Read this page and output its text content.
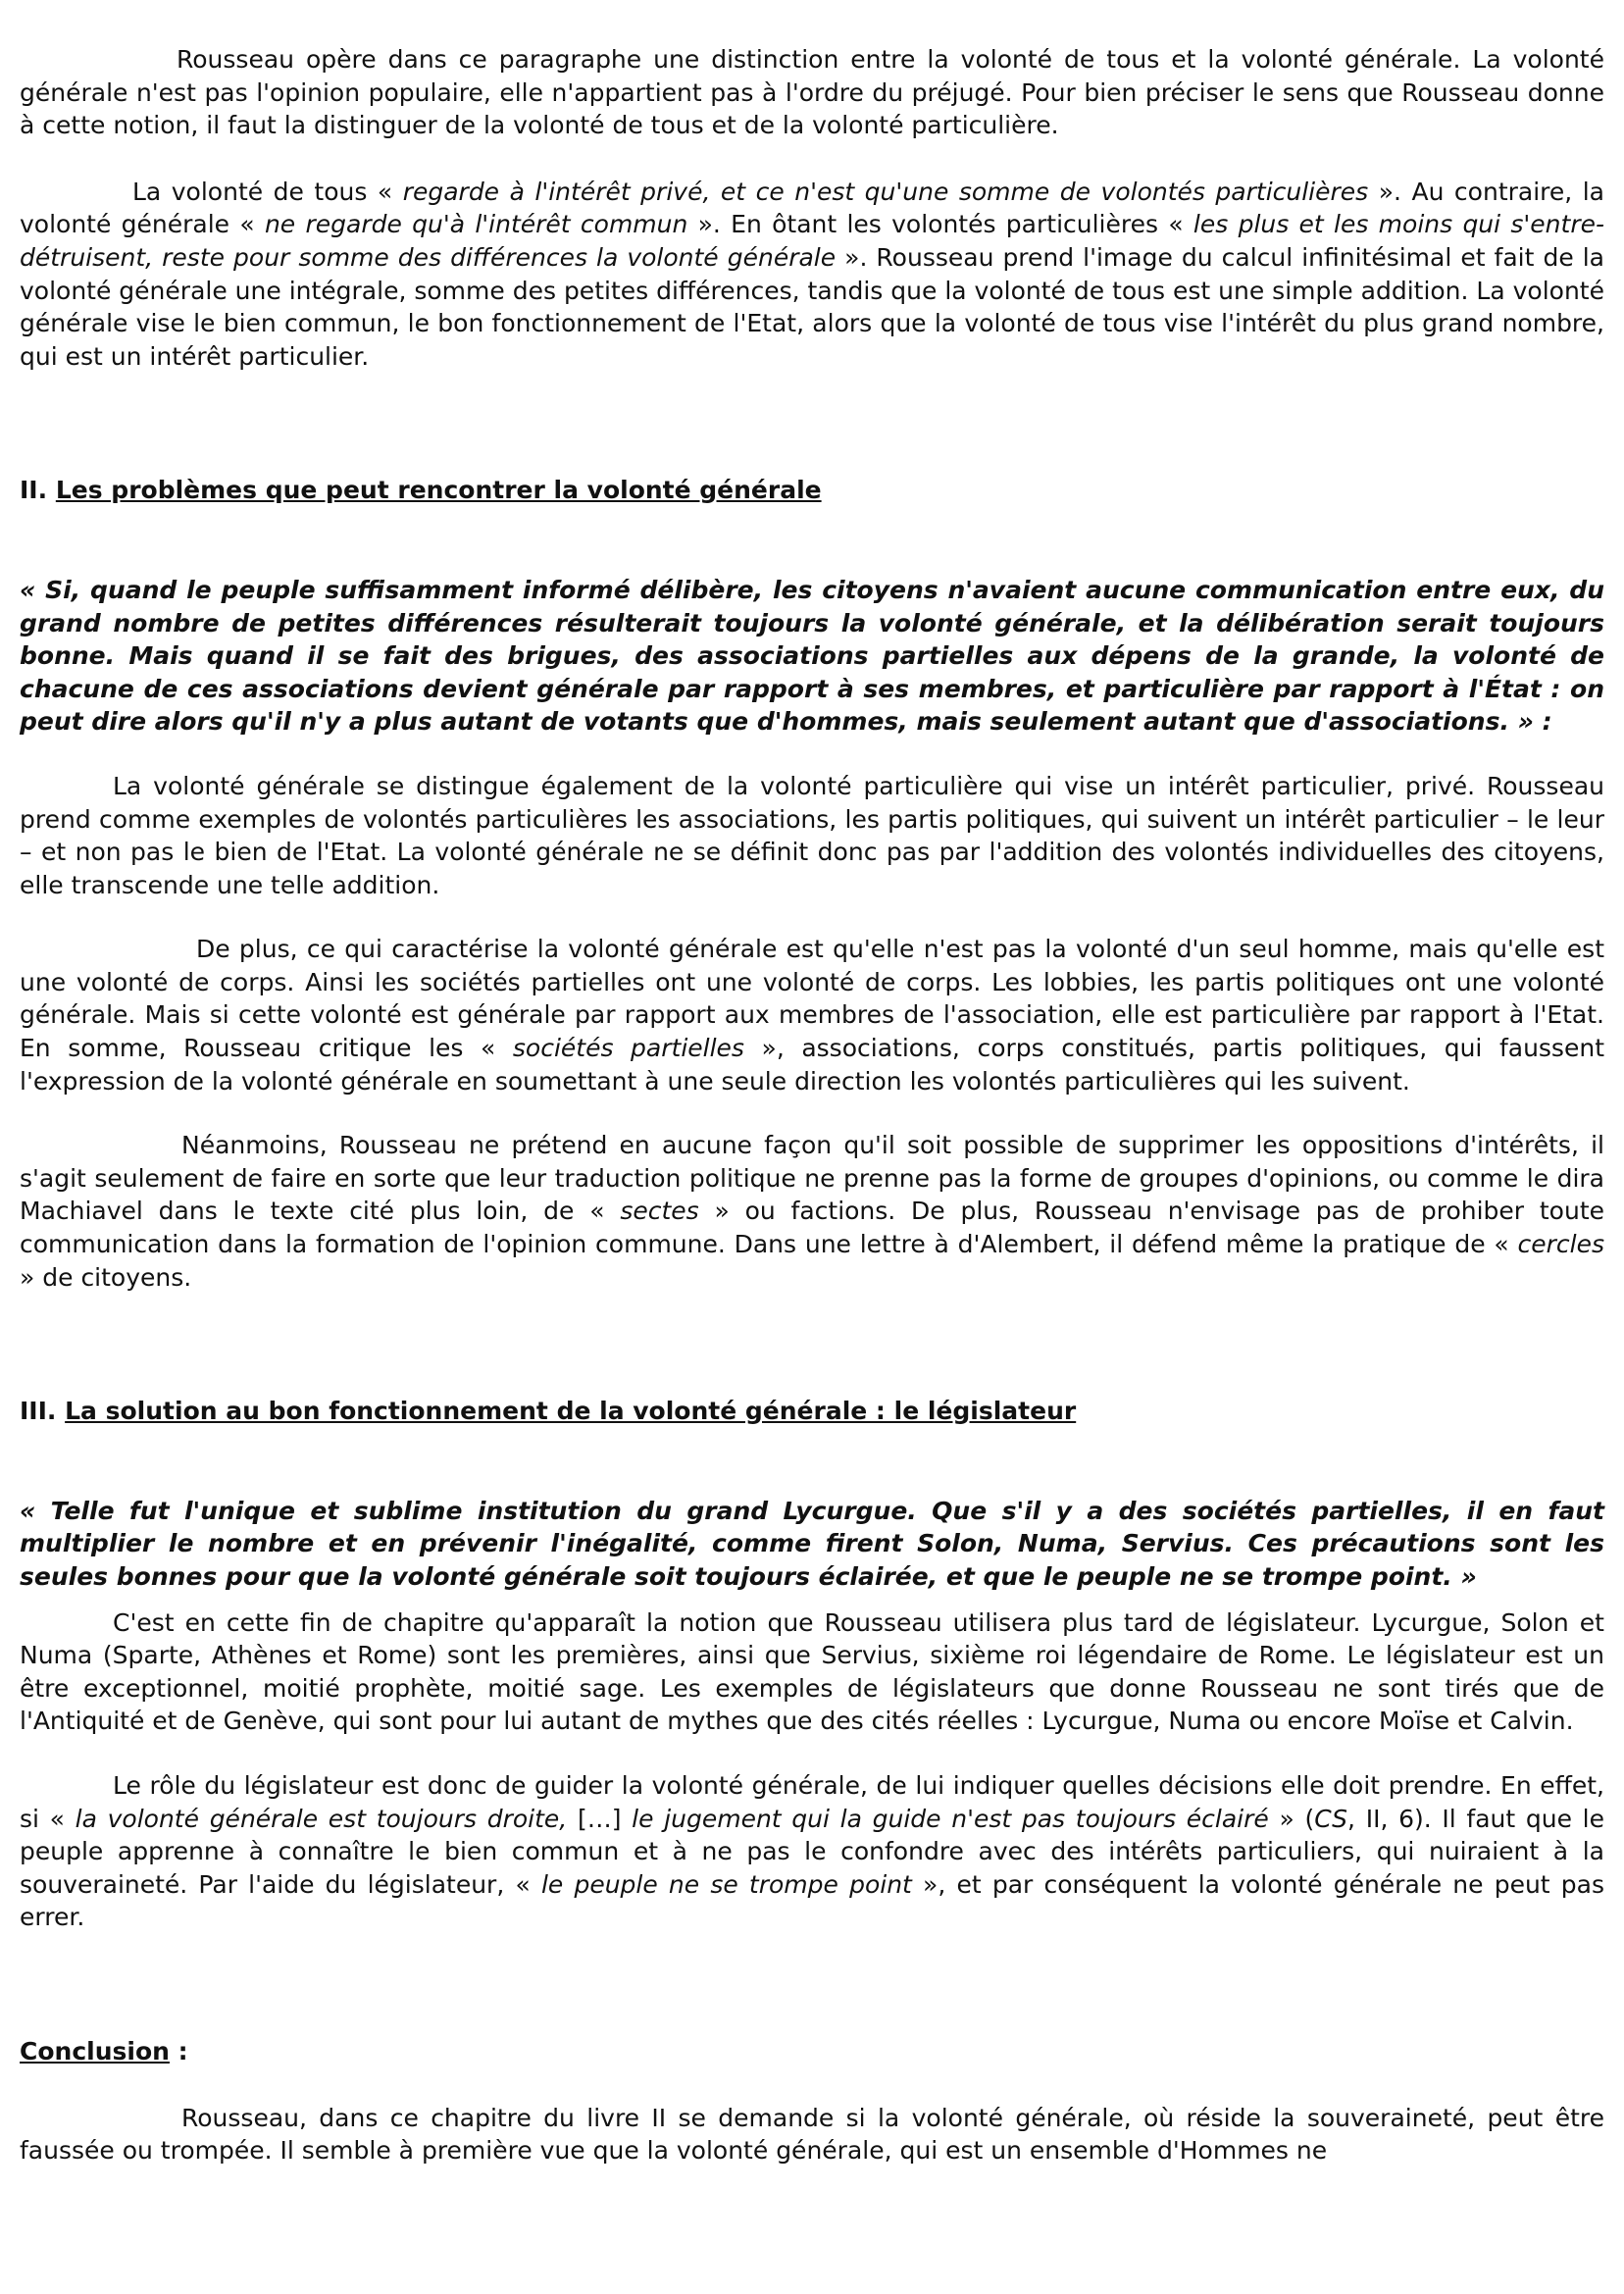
Rousseau opère dans ce paragraphe une distinction entre la volonté de tous et la volonté générale. La volonté générale n'est pas l'opinion populaire, elle n'appartient pas à l'ordre du préjugé. Pour bien préciser le sens que Rousseau donne à cette notion, il faut la distinguer de la volonté de tous et de la volonté particulière.

La volonté de tous « regarde à l'intérêt privé, et ce n'est qu'une somme de volontés particulières ». Au contraire, la volonté générale « ne regarde qu'à l'intérêt commun ». En ôtant les volontés particulières « les plus et les moins qui s'entre-détruisent, reste pour somme des différences la volonté générale ». Rousseau prend l'image du calcul infinitésimal et fait de la volonté générale une intégrale, somme des petites différences, tandis que la volonté de tous est une simple addition. La volonté générale vise le bien commun, le bon fonctionnement de l'Etat, alors que la volonté de tous vise l'intérêt du plus grand nombre, qui est un intérêt particulier.

II. Les problèmes que peut rencontrer la volonté générale

« Si, quand le peuple suffisamment informé délibère, les citoyens n'avaient aucune communication entre eux, du grand nombre de petites différences résulterait toujours la volonté générale, et la délibération serait toujours bonne. Mais quand il se fait des brigues, des associations partielles aux dépens de la grande, la volonté de chacune de ces associations devient générale par rapport à ses membres, et particulière par rapport à l'État : on peut dire alors qu'il n'y a plus autant de votants que d'hommes, mais seulement autant que d'associations. » :

La volonté générale se distingue également de la volonté particulière qui vise un intérêt particulier, privé. Rousseau prend comme exemples de volontés particulières les associations, les partis politiques, qui suivent un intérêt particulier – le leur – et non pas le bien de l'Etat. La volonté générale ne se définit donc pas par l'addition des volontés individuelles des citoyens, elle transcende une telle addition.

De plus, ce qui caractérise la volonté générale est qu'elle n'est pas la volonté d'un seul homme, mais qu'elle est une volonté de corps. Ainsi les sociétés partielles ont une volonté de corps. Les lobbies, les partis politiques ont une volonté générale. Mais si cette volonté est générale par rapport aux membres de l'association, elle est particulière par rapport à l'Etat. En somme, Rousseau critique les « sociétés partielles », associations, corps constitués, partis politiques, qui faussent l'expression de la volonté générale en soumettant à une seule direction les volontés particulières qui les suivent.

Néanmoins, Rousseau ne prétend en aucune façon qu'il soit possible de supprimer les oppositions d'intérêts, il s'agit seulement de faire en sorte que leur traduction politique ne prenne pas la forme de groupes d'opinions, ou comme le dira Machiavel dans le texte cité plus loin, de « sectes » ou factions. De plus, Rousseau n'envisage pas de prohiber toute communication dans la formation de l'opinion commune. Dans une lettre à d'Alembert, il défend même la pratique de « cercles » de citoyens.

III. La solution au bon fonctionnement de la volonté générale : le législateur

« Telle fut l'unique et sublime institution du grand Lycurgue. Que s'il y a des sociétés partielles, il en faut multiplier le nombre et en prévenir l'inégalité, comme firent Solon, Numa, Servius. Ces précautions sont les seules bonnes pour que la volonté générale soit toujours éclairée, et que le peuple ne se trompe point. »

C'est en cette fin de chapitre qu'apparaît la notion que Rousseau utilisera plus tard de législateur. Lycurgue, Solon et Numa (Sparte, Athènes et Rome) sont les premières, ainsi que Servius, sixième roi légendaire de Rome. Le législateur est un être exceptionnel, moitié prophète, moitié sage. Les exemples de législateurs que donne Rousseau ne sont tirés que de l'Antiquité et de Genève, qui sont pour lui autant de mythes que des cités réelles : Lycurgue, Numa ou encore Moïse et Calvin.

Le rôle du législateur est donc de guider la volonté générale, de lui indiquer quelles décisions elle doit prendre. En effet, si « la volonté générale est toujours droite, […] le jugement qui la guide n'est pas toujours éclairé » (CS, II, 6). Il faut que le peuple apprenne à connaître le bien commun et à ne pas le confondre avec des intérêts particuliers, qui nuiraient à la souveraineté. Par l'aide du législateur, « le peuple ne se trompe point », et par conséquent la volonté générale ne peut pas errer.

Conclusion :

Rousseau, dans ce chapitre du livre II se demande si la volonté générale, où réside la souveraineté, peut être faussée ou trompée. Il semble à première vue que la volonté générale, qui est un ensemble d'Hommes ne
